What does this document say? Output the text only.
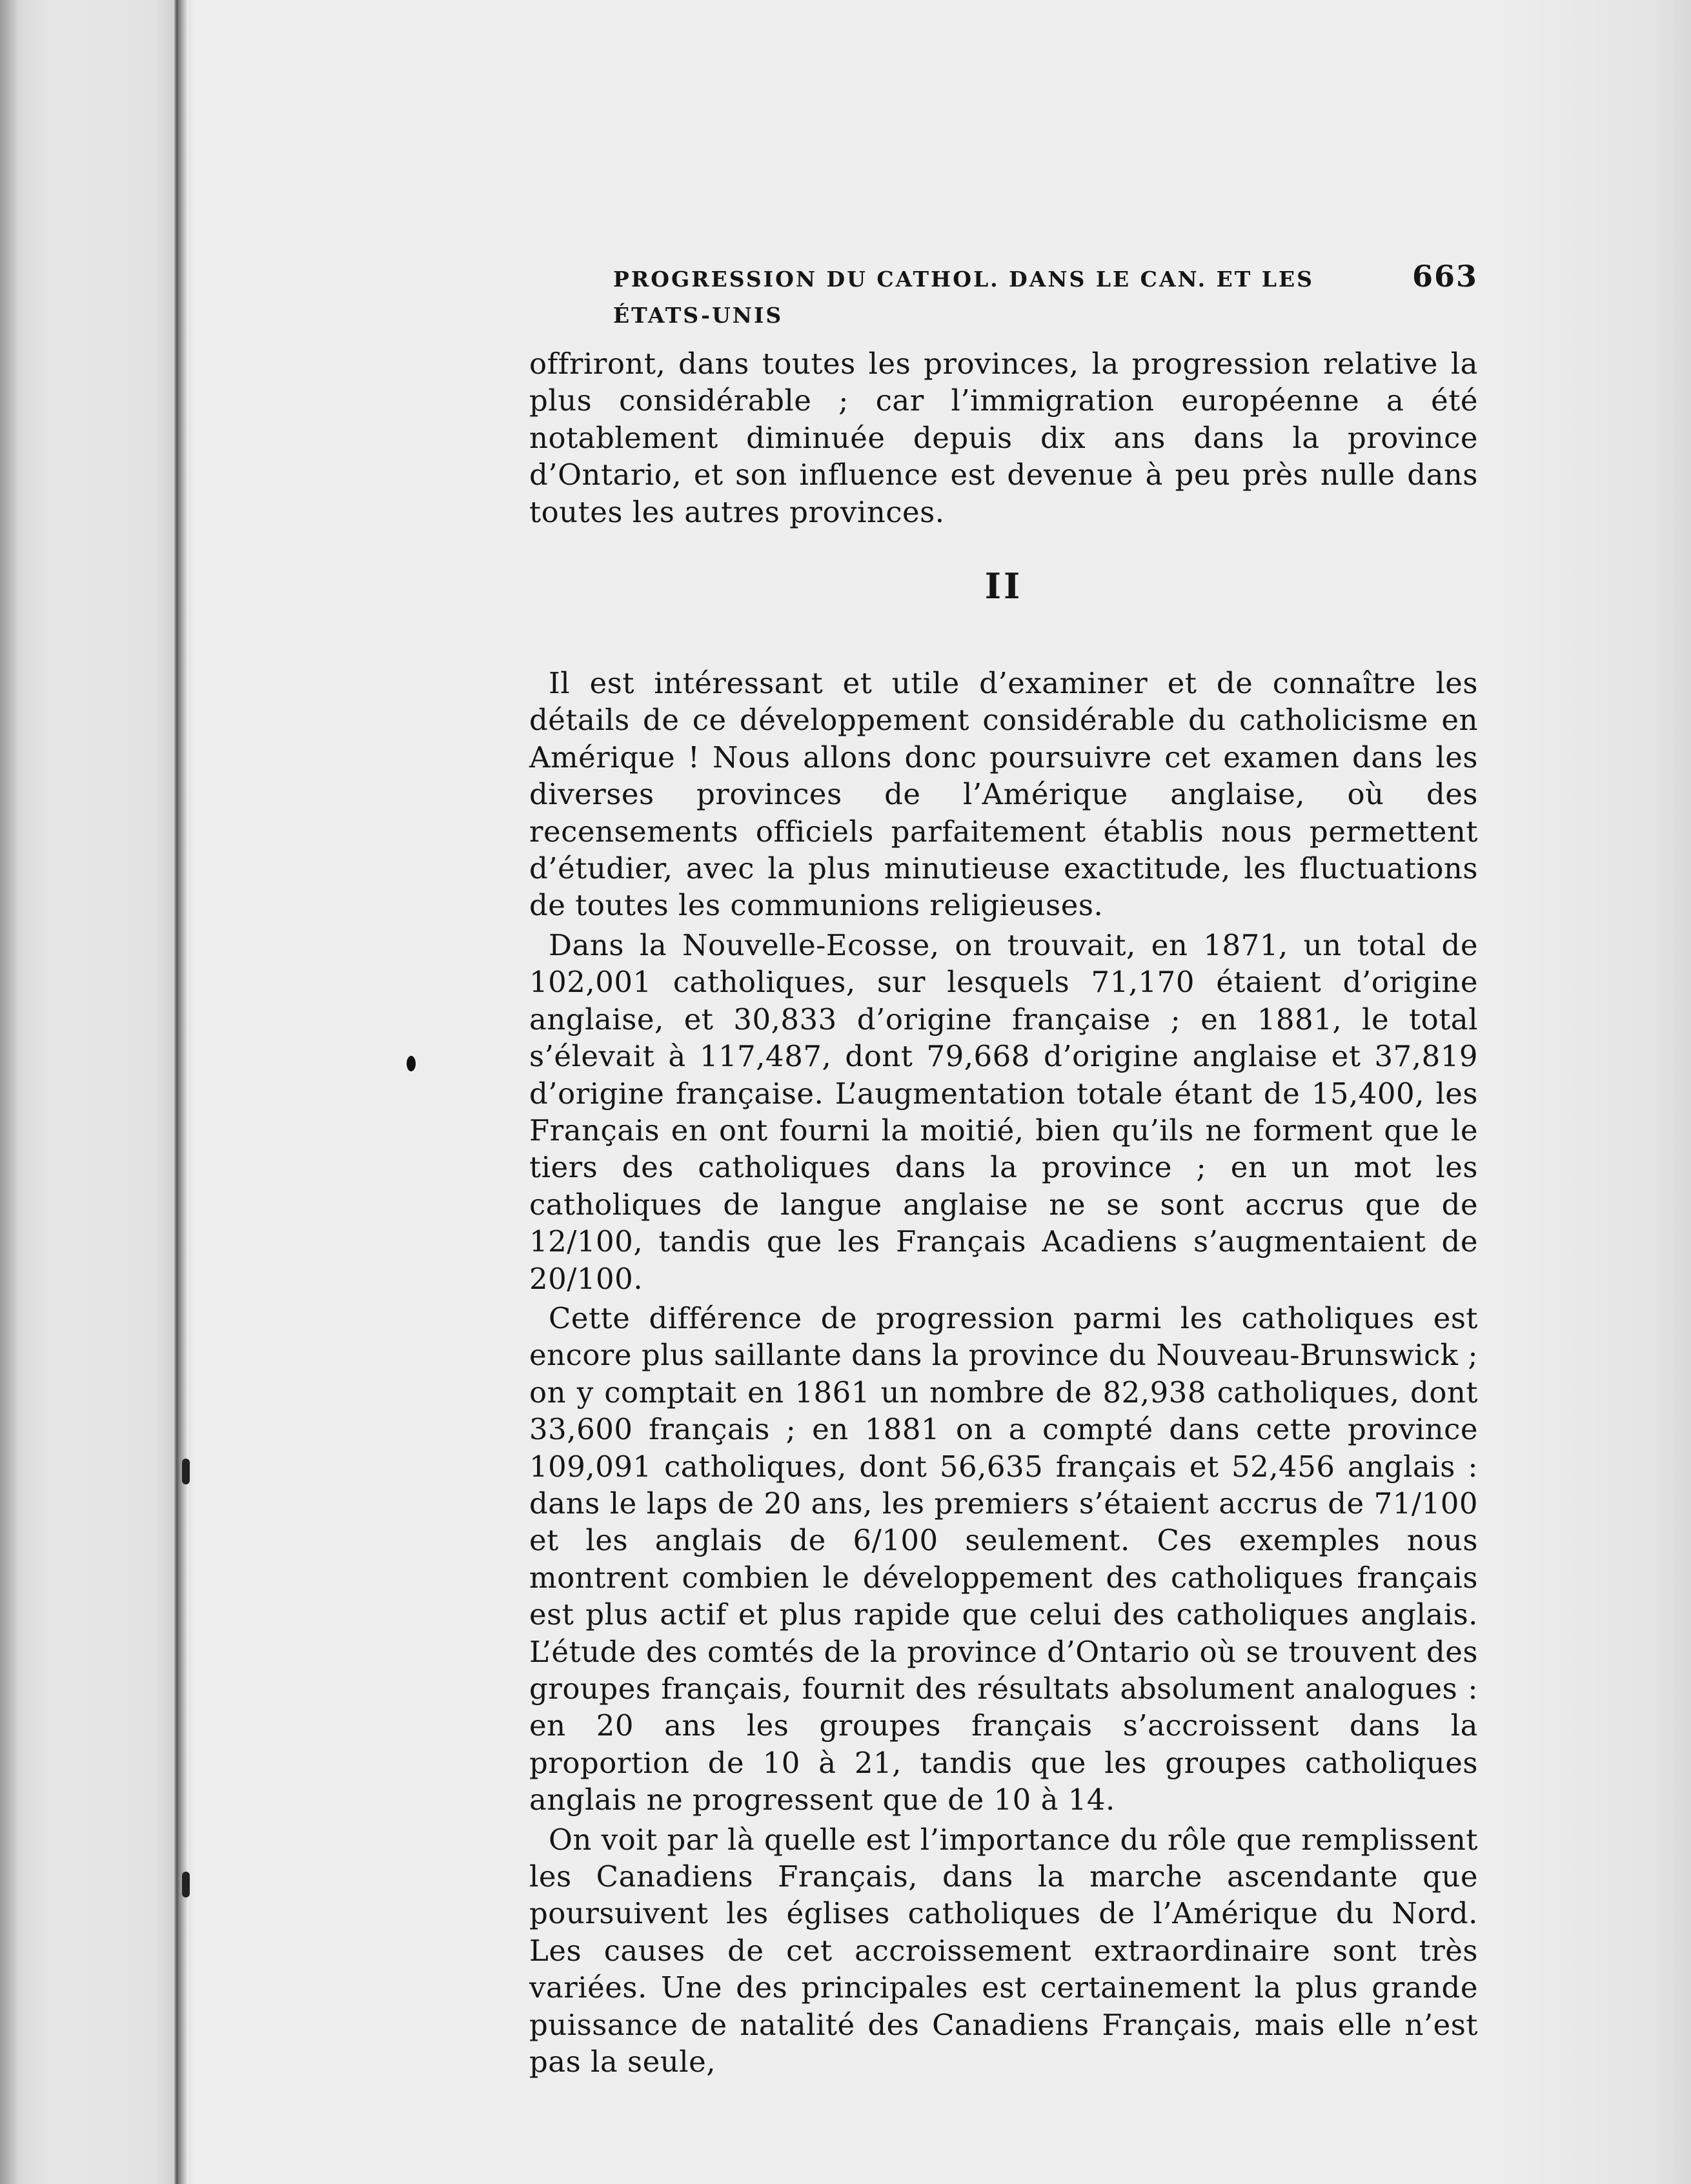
PROGRESSION DU CATHOL. DANS LE CAN. ET LES ÉTATS-UNIS
663

offriront, dans toutes les provinces, la progression relative la plus considérable ; car l’immigration européenne a été notablement diminuée depuis dix ans dans la province d’Ontario, et son influence est devenue à peu près nulle dans toutes les autres provinces.

II

Il est intéressant et utile d’examiner et de connaître les détails de ce développement considérable du catholicisme en Amérique ! Nous allons donc poursuivre cet examen dans les diverses provinces de l’Amérique anglaise, où des recensements officiels parfaitement établis nous permettent d’étudier, avec la plus minutieuse exactitude, les fluctuations de toutes les communions religieuses.

Dans la Nouvelle-Ecosse, on trouvait, en 1871, un total de 102,001 catholiques, sur lesquels 71,170 étaient d’origine anglaise, et 30,833 d’origine française ; en 1881, le total s’élevait à 117,487, dont 79,668 d’origine anglaise et 37,819 d’origine française. L’augmentation totale étant de 15,400, les Français en ont fourni la moitié, bien qu’ils ne forment que le tiers des catholiques dans la province ; en un mot les catholiques de langue anglaise ne se sont accrus que de 12/100, tandis que les Français Acadiens s’augmentaient de 20/100.

Cette différence de progression parmi les catholiques est encore plus saillante dans la province du Nouveau-Brunswick ; on y comptait en 1861 un nombre de 82,938 catholiques, dont 33,600 français ; en 1881 on a compté dans cette province 109,091 catholiques, dont 56,635 français et 52,456 anglais : dans le laps de 20 ans, les premiers s’étaient accrus de 71/100 et les anglais de 6/100 seulement. Ces exemples nous montrent combien le développement des catholiques français est plus actif et plus rapide que celui des catholiques anglais. L’étude des comtés de la province d’Ontario où se trouvent des groupes français, fournit des résultats absolument analogues : en 20 ans les groupes français s’accroissent dans la proportion de 10 à 21, tandis que les groupes catholiques anglais ne progressent que de 10 à 14.

On voit par là quelle est l’importance du rôle que remplissent les Canadiens Français, dans la marche ascendante que poursuivent les églises catholiques de l’Amérique du Nord. Les causes de cet accroissement extraordinaire sont très variées. Une des principales est certainement la plus grande puissance de natalité des Canadiens Français, mais elle n’est pas la seule,
